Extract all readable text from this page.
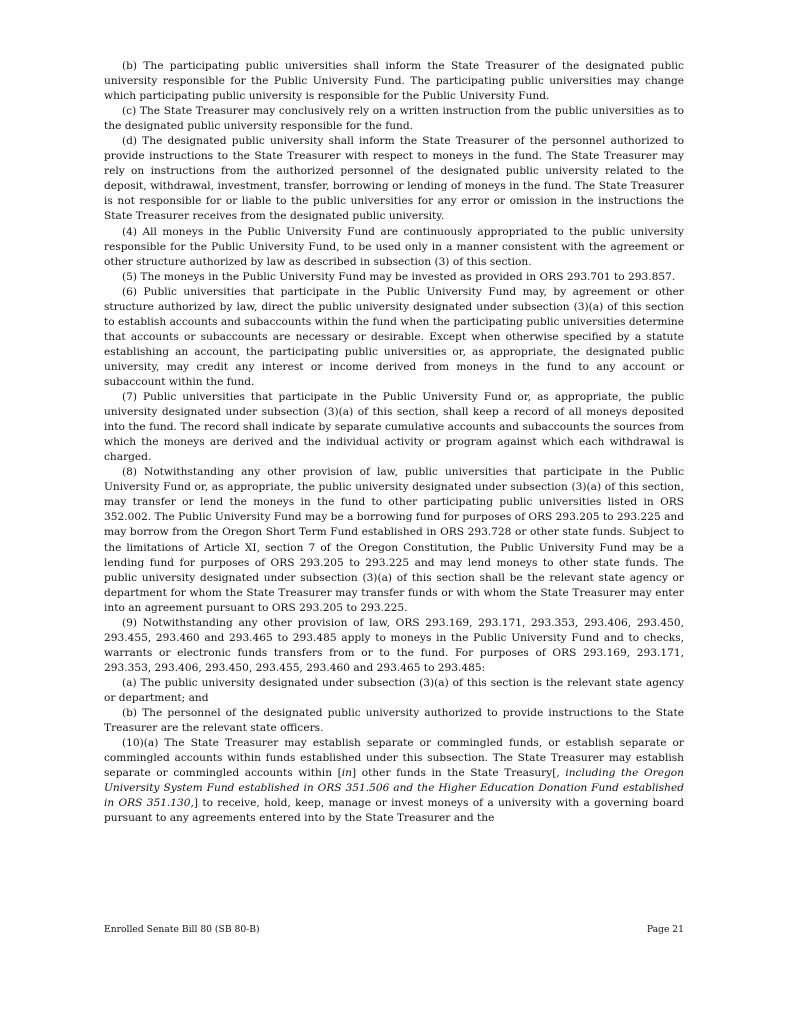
(b) The participating public universities shall inform the State Treasurer of the designated public university responsible for the Public University Fund. The participating public universities may change which participating public university is responsible for the Public University Fund.

(c) The State Treasurer may conclusively rely on a written instruction from the public universities as to the designated public university responsible for the fund.

(d) The designated public university shall inform the State Treasurer of the personnel authorized to provide instructions to the State Treasurer with respect to moneys in the fund. The State Treasurer may rely on instructions from the authorized personnel of the designated public university related to the deposit, withdrawal, investment, transfer, borrowing or lending of moneys in the fund. The State Treasurer is not responsible for or liable to the public universities for any error or omission in the instructions the State Treasurer receives from the designated public university.

(4) All moneys in the Public University Fund are continuously appropriated to the public university responsible for the Public University Fund, to be used only in a manner consistent with the agreement or other structure authorized by law as described in subsection (3) of this section.

(5) The moneys in the Public University Fund may be invested as provided in ORS 293.701 to 293.857.

(6) Public universities that participate in the Public University Fund may, by agreement or other structure authorized by law, direct the public university designated under subsection (3)(a) of this section to establish accounts and subaccounts within the fund when the participating public universities determine that accounts or subaccounts are necessary or desirable. Except when otherwise specified by a statute establishing an account, the participating public universities or, as appropriate, the designated public university, may credit any interest or income derived from moneys in the fund to any account or subaccount within the fund.

(7) Public universities that participate in the Public University Fund or, as appropriate, the public university designated under subsection (3)(a) of this section, shall keep a record of all moneys deposited into the fund. The record shall indicate by separate cumulative accounts and subaccounts the sources from which the moneys are derived and the individual activity or program against which each withdrawal is charged.

(8) Notwithstanding any other provision of law, public universities that participate in the Public University Fund or, as appropriate, the public university designated under subsection (3)(a) of this section, may transfer or lend the moneys in the fund to other participating public universities listed in ORS 352.002. The Public University Fund may be a borrowing fund for purposes of ORS 293.205 to 293.225 and may borrow from the Oregon Short Term Fund established in ORS 293.728 or other state funds. Subject to the limitations of Article XI, section 7 of the Oregon Constitution, the Public University Fund may be a lending fund for purposes of ORS 293.205 to 293.225 and may lend moneys to other state funds. The public university designated under subsection (3)(a) of this section shall be the relevant state agency or department for whom the State Treasurer may transfer funds or with whom the State Treasurer may enter into an agreement pursuant to ORS 293.205 to 293.225.

(9) Notwithstanding any other provision of law, ORS 293.169, 293.171, 293.353, 293.406, 293.450, 293.455, 293.460 and 293.465 to 293.485 apply to moneys in the Public University Fund and to checks, warrants or electronic funds transfers from or to the fund. For purposes of ORS 293.169, 293.171, 293.353, 293.406, 293.450, 293.455, 293.460 and 293.465 to 293.485:

(a) The public university designated under subsection (3)(a) of this section is the relevant state agency or department; and

(b) The personnel of the designated public university authorized to provide instructions to the State Treasurer are the relevant state officers.

(10)(a) The State Treasurer may establish separate or commingled funds, or establish separate or commingled accounts within funds established under this subsection. The State Treasurer may establish separate or commingled accounts within [in] other funds in the State Treasury[, including the Oregon University System Fund established in ORS 351.506 and the Higher Education Donation Fund established in ORS 351.130,] to receive, hold, keep, manage or invest moneys of a university with a governing board pursuant to any agreements entered into by the State Treasurer and the

Enrolled Senate Bill 80 (SB 80-B)	Page 21
